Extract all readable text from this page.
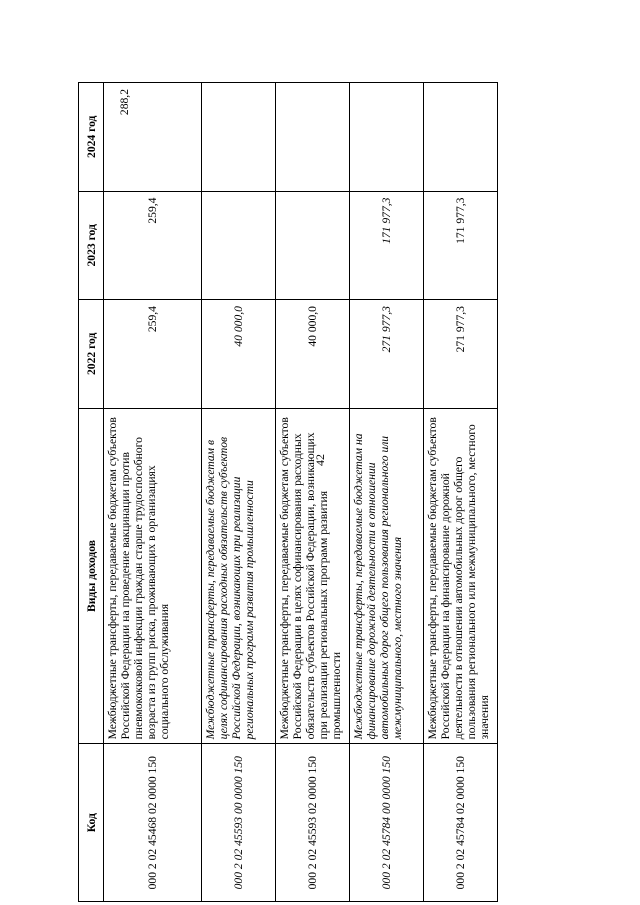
42
Код	Виды доходов	2022 год	2023 год	2024 год
000 2 02 45468 02 0000 150	Межбюджетные трансферты, передаваемые бюджетам субъектов Российской Федерации на проведение вакцинации против пневмококковой инфекции граждан старше трудоспособного возраста из групп риска, проживающих в организациях социального обслуживания	259,4	259,4	288,2
000 2 02 45593 00 0000 150	Межбюджетные трансферты, передаваемые бюджетам в целях софинансирования расходных обязательств субъектов Российской Федерации, возникающих при реализации региональных программ развития промышленности	40 000,0		
000 2 02 45593 02 0000 150	Межбюджетные трансферты, передаваемые бюджетам субъектов Российской Федерации в целях софинансирования расходных обязательств субъектов Российской Федерации, возникающих при реализации региональных программ развития промышленности	40 000,0		
000 2 02 45784 00 0000 150	Межбюджетные трансферты, передаваемые бюджетам на финансирование дорожной деятельности в отношении автомобильных дорог общего пользования регионального или межмуниципального, местного значения	271 977,3	171 977,3	
000 2 02 45784 02 0000 150	Межбюджетные трансферты, передаваемые бюджетам субъектов Российской Федерации на финансирование дорожной деятельности в отношении автомобильных дорог общего пользования регионального или межмуниципального, местного значения	271 977,3	171 977,3	
